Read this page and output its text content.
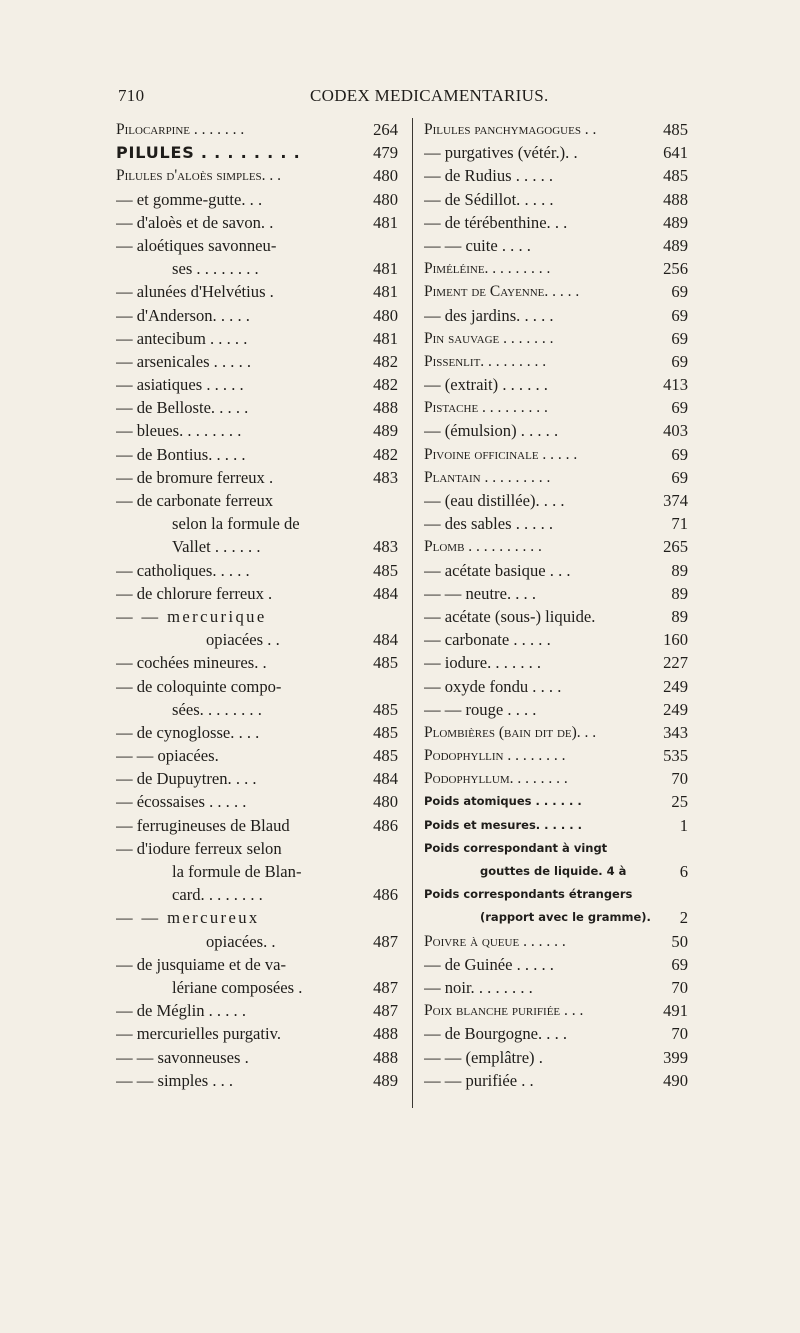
710	CODEX MEDICAMENTARIUS.
Pilocarpine . . . . . . .	264
PILULES . . . . . . . .	479
Pilules d'aloès simples. . .	480
— et gomme-gutte. . .	480
— d'aloès et de savon. .	481
— aloétiques savonneu-
ses . . . . . . . .	481
— alunées d'Helvétius .	481
— d'Anderson. . . . .	480
— antecibum . . . . .	481
— arsenicales . . . . .	482
— asiatiques . . . . .	482
— de Belloste. . . . .	488
— bleues. . . . . . . .	489
— de Bontius. . . . .	482
— de bromure ferreux .	483
— de carbonate ferreux
selon la formule de
Vallet . . . . . .	483
— catholiques. . . . .	485
— de chlorure ferreux .	484
— — mercurique
opiacées . .	484
— cochées mineures. .	485
— de coloquinte compo-
sées. . . . . . . .	485
— de cynoglosse. . . .	485
— — opiacées.	485
— de Dupuytren. . . .	484
— écossaises . . . . .	480
— ferrugineuses de Blaud	486
— d'iodure ferreux selon
la formule de Blan-
card. . . . . . . .	486
— — mercureux
opiacées. .	487
— de jusquiame et de va-
lériane composées .	487
— de Méglin . . . . .	487
— mercurielles purgativ.	488
— — savonneuses .	488
— — simples . . .	489
Pilules panchymagogues . .	485
— purgatives (vétér.). .	641
— de Rudius . . . . .	485
— de Sédillot. . . . .	488
— de térébenthine. . .	489
— — cuite . . . .	489
Piméléine. . . . . . . . .	256
Piment de Cayenne. . . . .	69
— des jardins. . . . .	69
Pin sauvage . . . . . . .	69
Pissenlit. . . . . . . . .	69
— (extrait) . . . . . .	413
Pistache . . . . . . . . .	69
— (émulsion) . . . . .	403
Pivoine officinale . . . . .	69
Plantain . . . . . . . . .	69
— (eau distillée). . . .	374
— des sables . . . . .	71
Plomb . . . . . . . . . .	265
— acétate basique . . .	89
— — neutre. . . .	89
— acétate (sous-) liquide.	89
— carbonate . . . . .	160
— iodure. . . . . . .	227
— oxyde fondu . . . .	249
— — rouge . . . .	249
Plombières (bain dit de). . .	343
Podophyllin . . . . . . . .	535
Podophyllum. . . . . . . .	70
Poids atomiques . . . . . .	25
Poids et mesures. . . . . .	1
Poids correspondant à vingt
gouttes de liquide. 4 à	6
Poids correspondants étrangers
(rapport avec le gramme). 2
Poivre à queue . . . . . .	50
— de Guinée . . . . .	69
— noir. . . . . . . .	70
Poix blanche purifiée . . .	491
— de Bourgogne. . . .	70
— — (emplâtre) .	399
— — purifiée . .	490
